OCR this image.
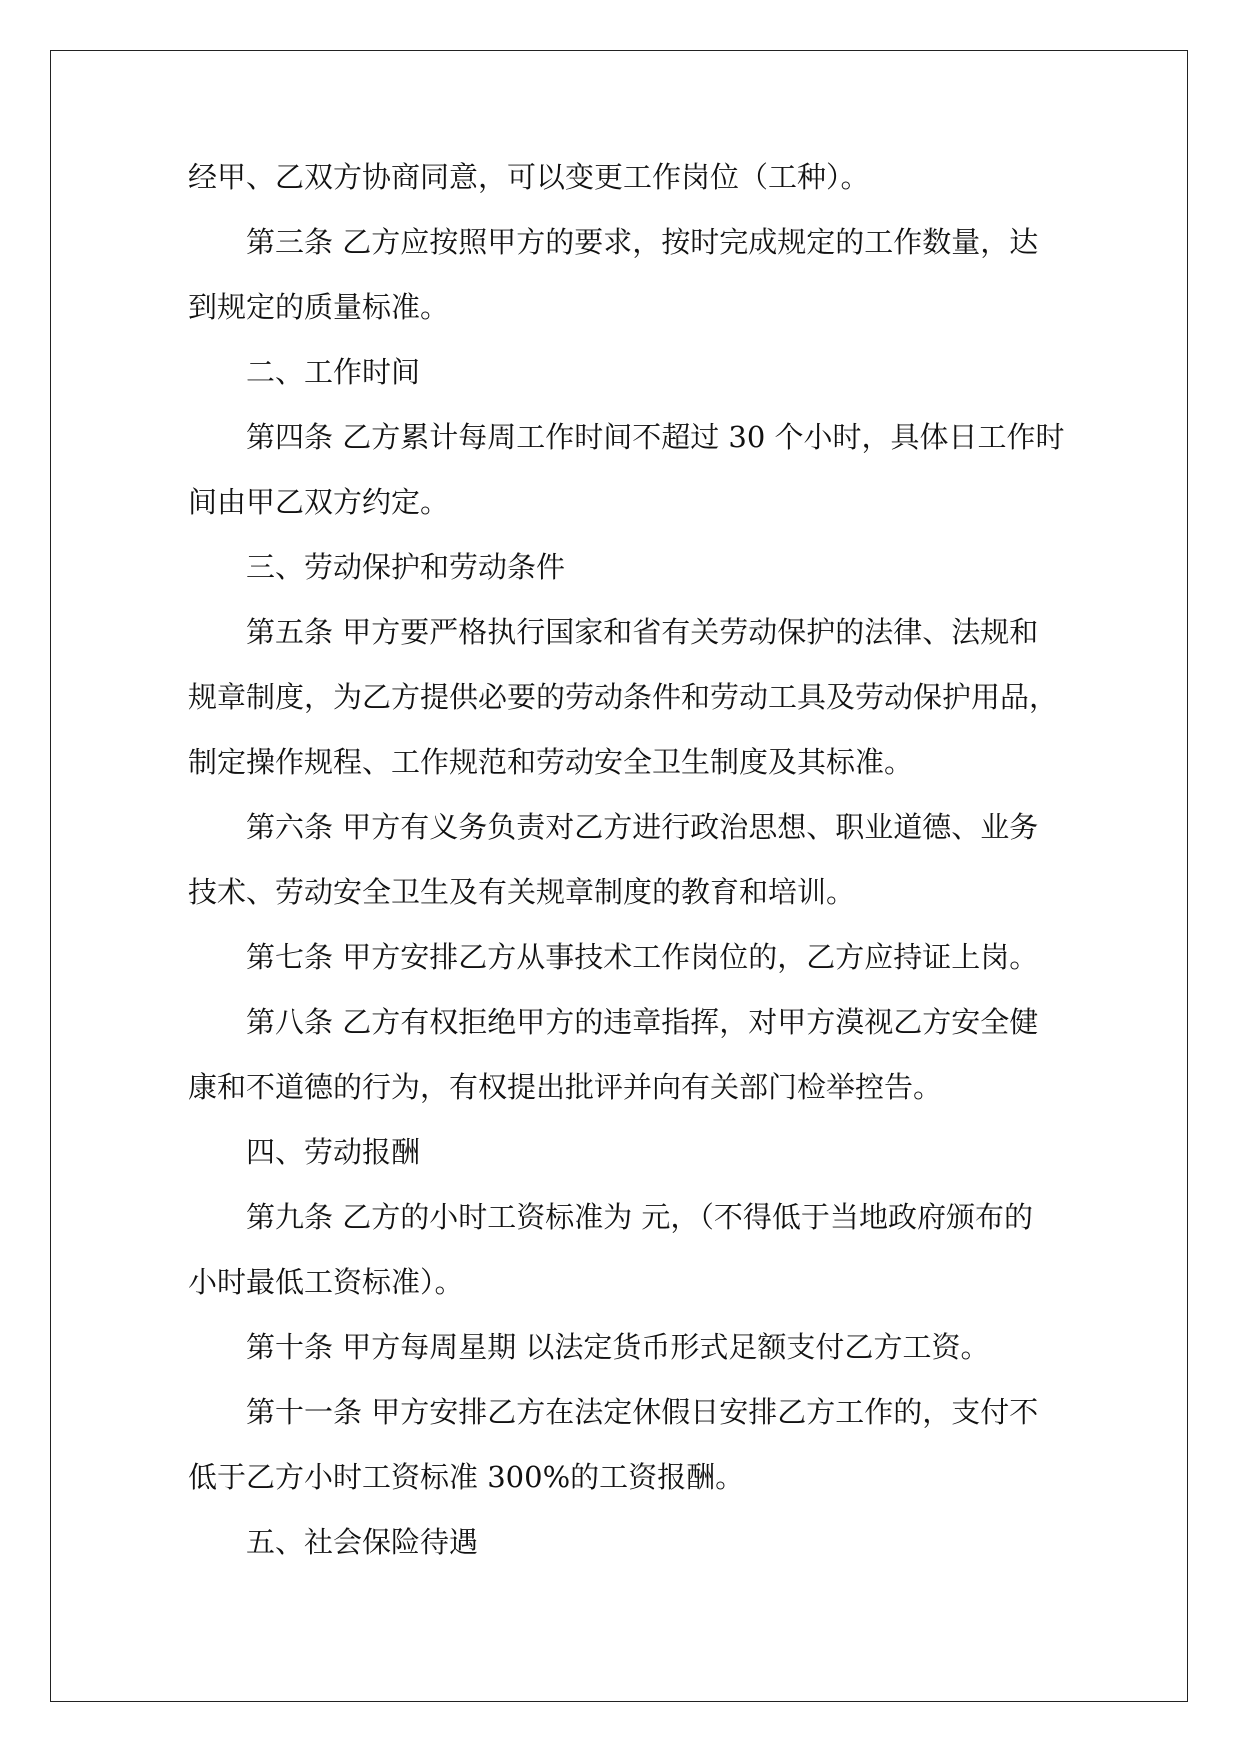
经甲、乙双方协商同意，可以变更工作岗位（工种）。
第三条 乙方应按照甲方的要求，按时完成规定的工作数量，达
到规定的质量标准。
二、工作时间
第四条 乙方累计每周工作时间不超过 30 个小时，具体日工作时
间由甲乙双方约定。
三、劳动保护和劳动条件
第五条 甲方要严格执行国家和省有关劳动保护的法律、法规和
规章制度，为乙方提供必要的劳动条件和劳动工具及劳动保护用品，
制定操作规程、工作规范和劳动安全卫生制度及其标准。
第六条 甲方有义务负责对乙方进行政治思想、职业道德、业务
技术、劳动安全卫生及有关规章制度的教育和培训。
第七条 甲方安排乙方从事技术工作岗位的，乙方应持证上岗。
第八条 乙方有权拒绝甲方的违章指挥，对甲方漠视乙方安全健
康和不道德的行为，有权提出批评并向有关部门检举控告。
四、劳动报酬
第九条 乙方的小时工资标准为 元，（不得低于当地政府颁布的
小时最低工资标准）。
第十条 甲方每周星期 以法定货币形式足额支付乙方工资。
第十一条 甲方安排乙方在法定休假日安排乙方工作的，支付不
低于乙方小时工资标准 300%的工资报酬。
五、社会保险待遇
